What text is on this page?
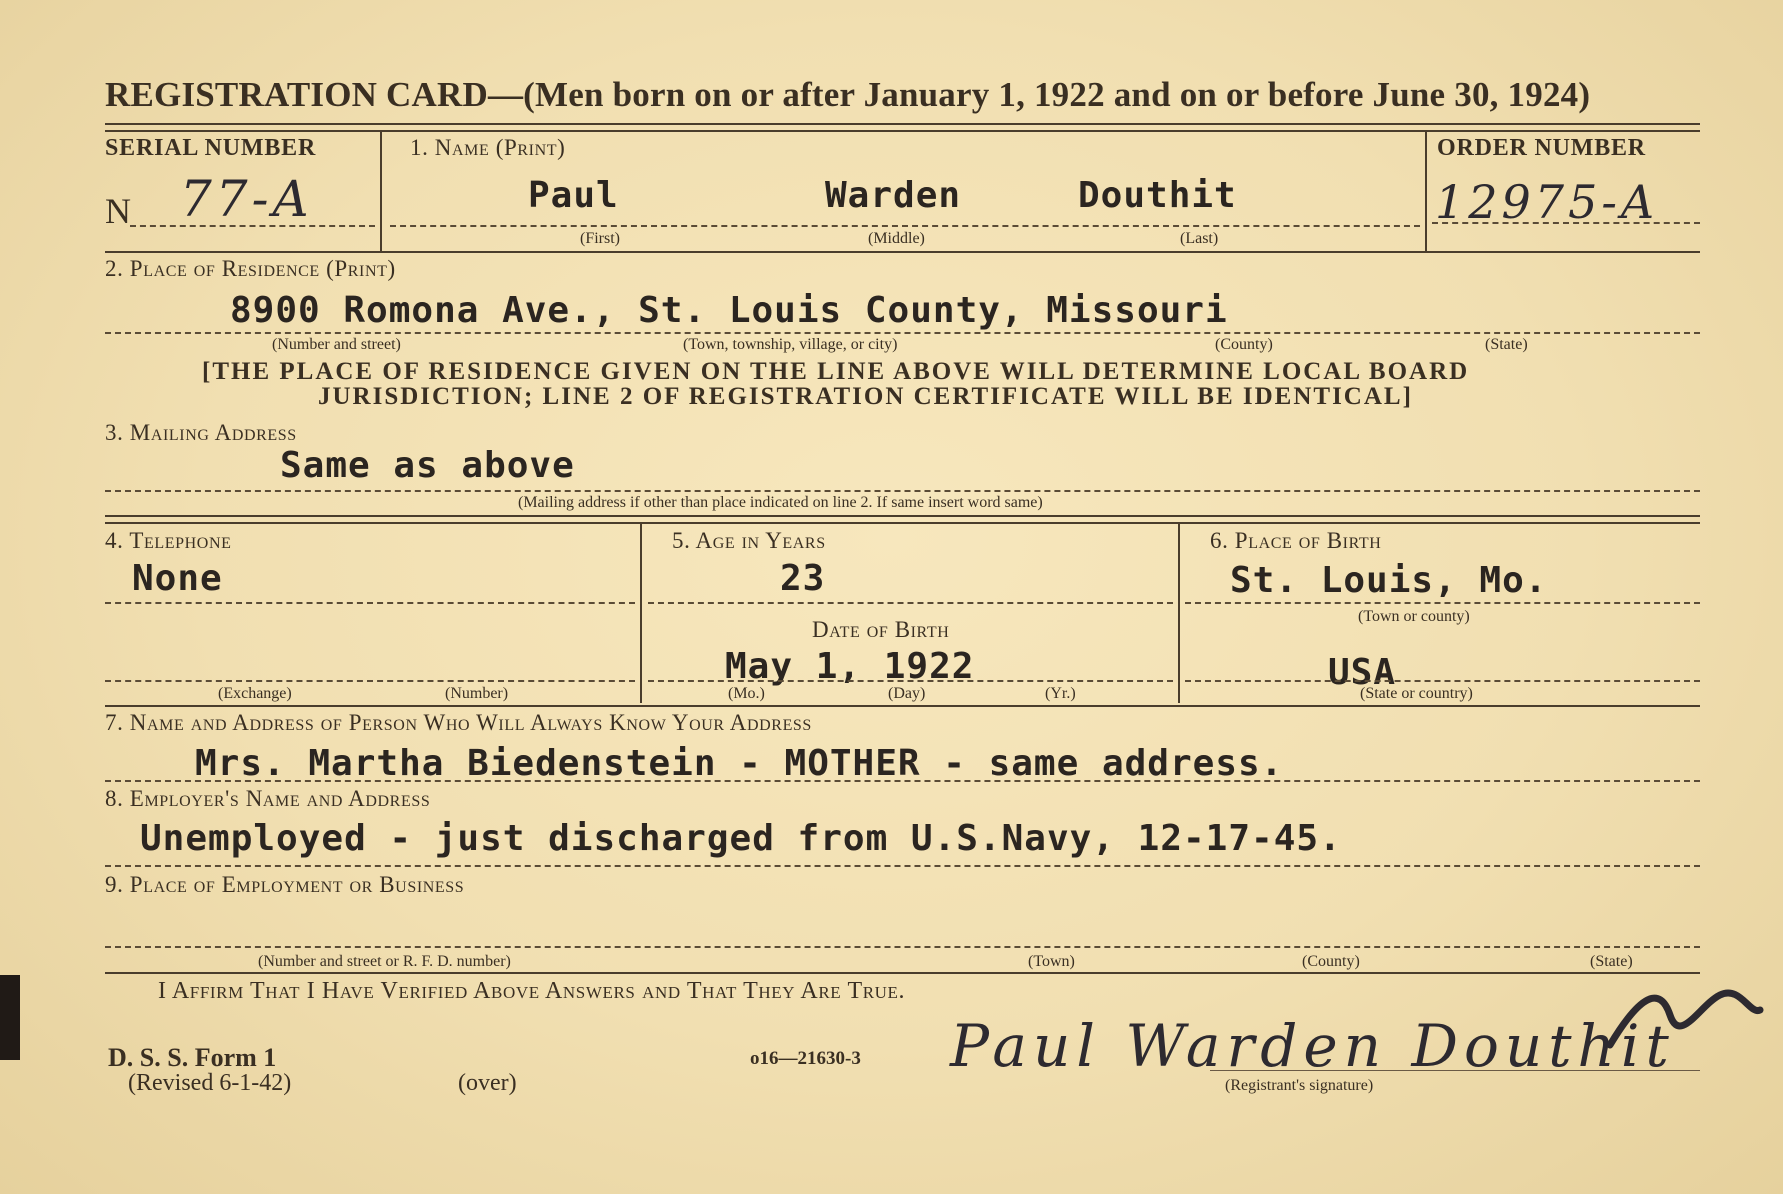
REGISTRATION CARD—(Men born on or after January 1, 1922 and on or before June 30, 1924)
SERIAL NUMBER
N 77-A
1. Name (Print)
Paul	Warden	Douthit
(First)	(Middle)	(Last)
ORDER NUMBER
12975-A
2. Place of Residence (Print)
8900 Romona Ave., St. Louis County, Missouri
(Number and street)	(Town, township, village, or city)	(County)	(State)
[THE PLACE OF RESIDENCE GIVEN ON THE LINE ABOVE WILL DETERMINE LOCAL BOARD
JURISDICTION; LINE 2 OF REGISTRATION CERTIFICATE WILL BE IDENTICAL]
3. Mailing Address
Same as above
(Mailing address if other than place indicated on line 2. If same insert word same)
4. Telephone
None
(Exchange)	(Number)
5. Age in Years
23
Date of Birth
May 1, 1922
(Mo.)	(Day)	(Yr.)
6. Place of Birth
St. Louis, Mo.
(Town or county)
USA
(State or country)
7. Name and Address of Person Who Will Always Know Your Address
Mrs. Martha Biedenstein - MOTHER - same address.
8. Employer's Name and Address
Unemployed - just discharged from U.S.Navy, 12-17-45.
9. Place of Employment or Business
(Number and street or R. F. D. number)	(Town)	(County)	(State)
I Affirm That I Have Verified Above Answers and That They Are True.
D. S. S. Form 1
(Revised 6-1-42)	(over)
o16—21630-3 Paul Warden Douthit
(Registrant's signature)
